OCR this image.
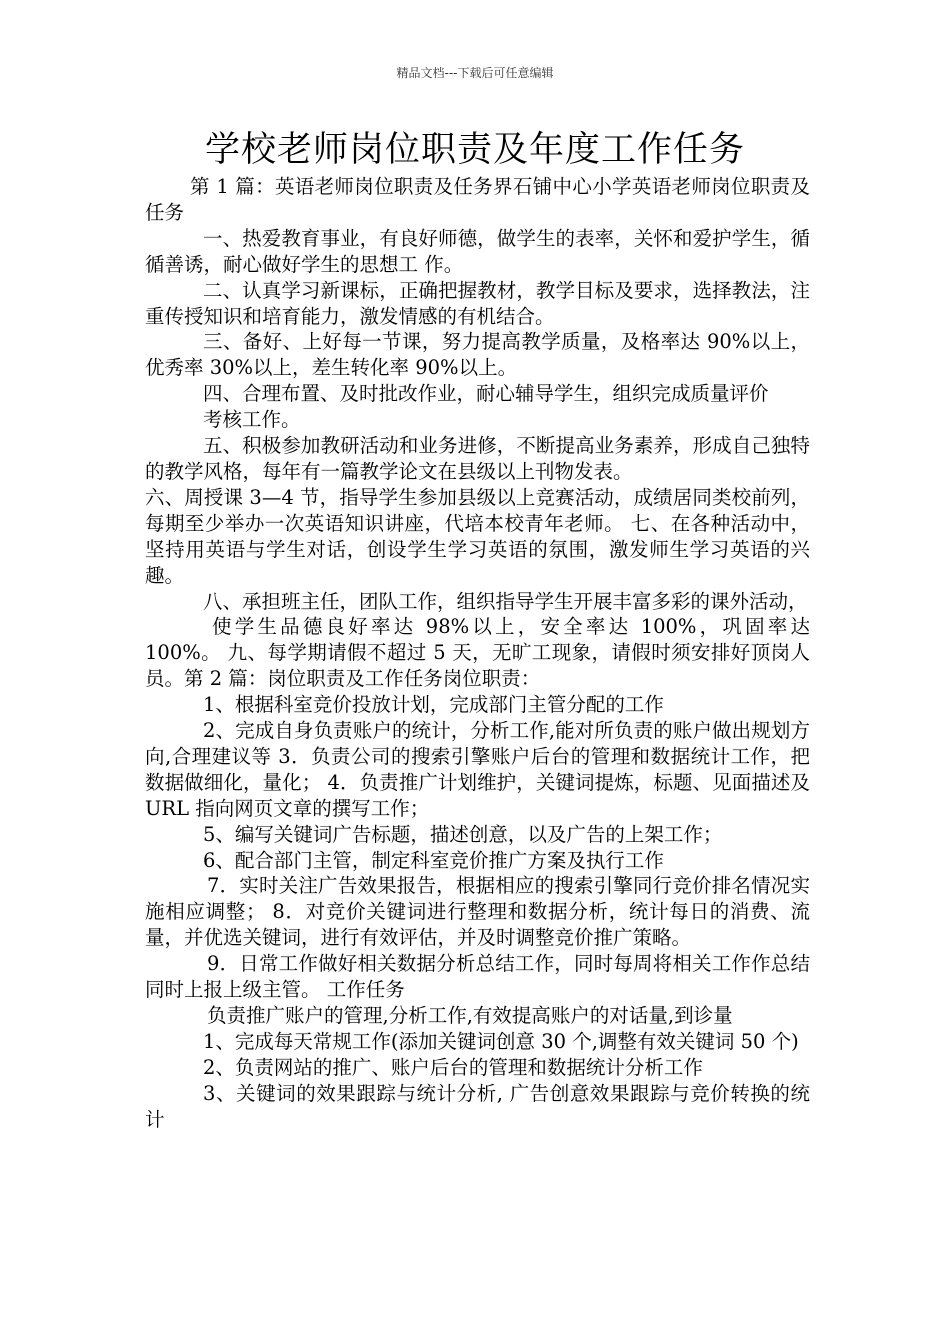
精品文档---下载后可任意编辑
学校老师岗位职责及年度工作任务

第 1 篇：英语老师岗位职责及任务界石铺中心小学英语老师岗位职责及任务

一、热爱教育事业，有良好师德，做学生的表率，关怀和爱护学生，循循善诱，耐心做好学生的思想工 作。

二、认真学习新课标，正确把握教材，教学目标及要求，选择教法，注重传授知识和培育能力，激发情感的有机结合。

三、备好、上好每一节课，努力提高教学质量，及格率达 90%以上，优秀率 30%以上，差生转化率 90%以上。

四、合理布置、及时批改作业，耐心辅导学生，组织完成质量评价

考核工作。

五、积极参加教研活动和业务进修，不断提高业务素养，形成自己独特的教学风格，每年有一篇教学论文在县级以上刊物发表。

六、周授课 3—4 节，指导学生参加县级以上竞赛活动，成绩居同类校前列，每期至少举办一次英语知识讲座，代培本校青年老师。 七、在各种活动中，坚持用英语与学生对话，创设学生学习英语的氛围，激发师生学习英语的兴趣。

八、承担班主任，团队工作，组织指导学生开展丰富多彩的课外活动，

使学生品德良好率达 98%以上，安全率达 100%，巩固率达 100%。 九、每学期请假不超过 5 天，无旷工现象，请假时须安排好顶岗人员。第 2 篇：岗位职责及工作任务岗位职责：

1、根据科室竞价投放计划，完成部门主管分配的工作

2、完成自身负责账户的统计，分析工作,能对所负责的账户做出规划方向,合理建议等 3．负责公司的搜索引擎账户后台的管理和数据统计工作，把数据做细化，量化； 4．负责推广计划维护，关键词提炼，标题、见面描述及 URL 指向网页文章的撰写工作；

5、编写关键词广告标题，描述创意，以及广告的上架工作；

6、配合部门主管，制定科室竞价推广方案及执行工作

7．实时关注广告效果报告，根据相应的搜索引擎同行竞价排名情况实施相应调整； 8．对竞价关键词进行整理和数据分析，统计每日的消费、流量，并优选关键词，进行有效评估，并及时调整竞价推广策略。

9．日常工作做好相关数据分析总结工作，同时每周将相关工作作总结同时上报上级主管。 工作任务

负责推广账户的管理,分析工作,有效提高账户的对话量,到诊量

1、完成每天常规工作(添加关键词创意 30 个,调整有效关键词 50 个)

2、负责网站的推广、账户后台的管理和数据统计分析工作

3、关键词的效果跟踪与统计分析, 广告创意效果跟踪与竞价转换的统计
